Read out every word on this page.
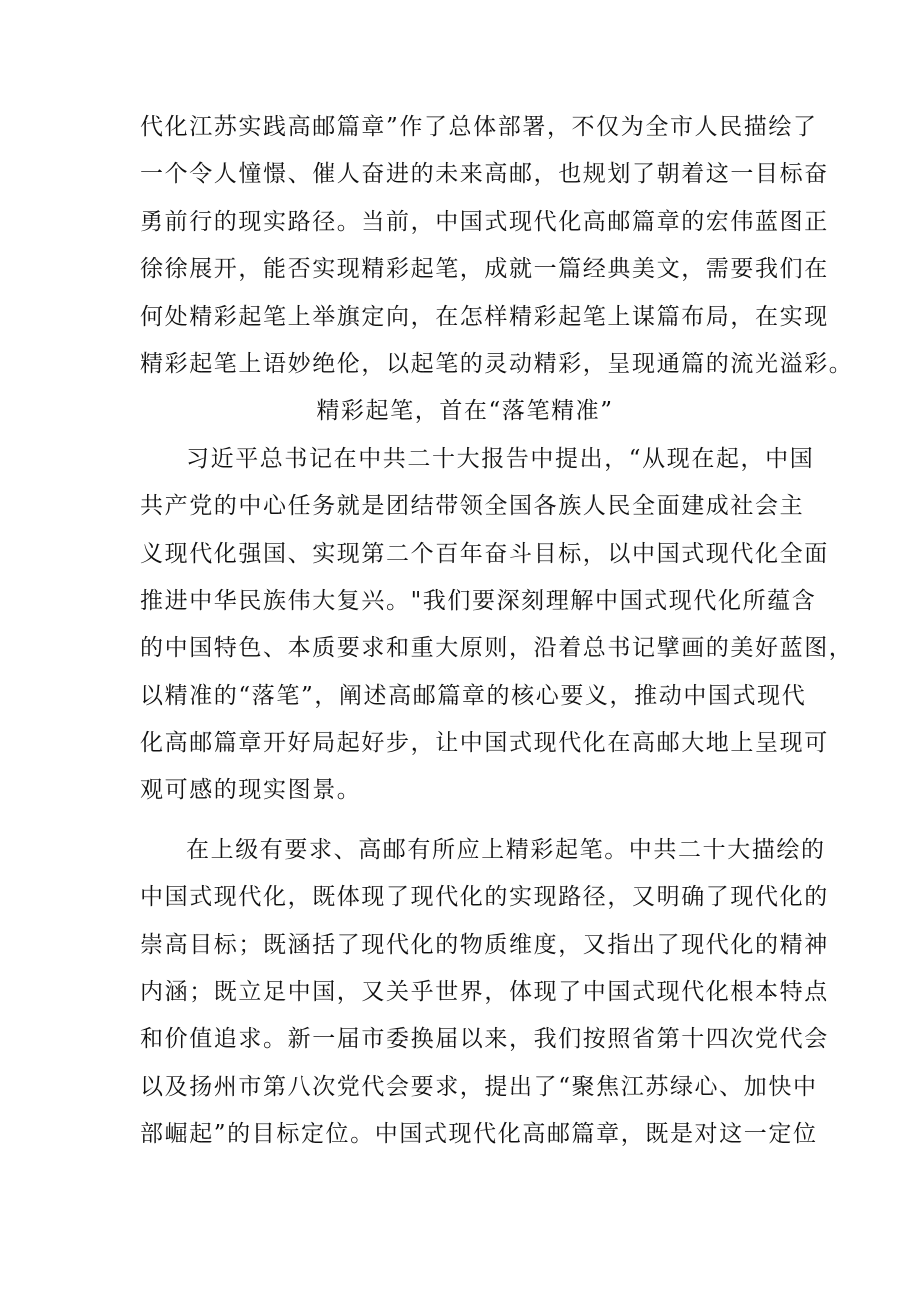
代化江苏实践高邮篇章”作了总体部署，不仅为全市人民描绘了
一个令人憧憬、催人奋进的未来高邮，也规划了朝着这一目标奋
勇前行的现实路径。当前，中国式现代化高邮篇章的宏伟蓝图正
徐徐展开，能否实现精彩起笔，成就一篇经典美文，需要我们在
何处精彩起笔上举旗定向，在怎样精彩起笔上谋篇布局，在实现
精彩起笔上语妙绝伦，以起笔的灵动精彩，呈现通篇的流光溢彩。
精彩起笔，首在“落笔精准”
习近平总书记在中共二十大报告中提出，“从现在起，中国
共产党的中心任务就是团结带领全国各族人民全面建成社会主
义现代化强国、实现第二个百年奋斗目标，以中国式现代化全面
推进中华民族伟大复兴。"我们要深刻理解中国式现代化所蕴含
的中国特色、本质要求和重大原则，沿着总书记擘画的美好蓝图，
以精准的“落笔”，阐述高邮篇章的核心要义，推动中国式现代
化高邮篇章开好局起好步，让中国式现代化在高邮大地上呈现可
观可感的现实图景。
在上级有要求、高邮有所应上精彩起笔。中共二十大描绘的
中国式现代化，既体现了现代化的实现路径，又明确了现代化的
崇高目标；既涵括了现代化的物质维度，又指出了现代化的精神
内涵；既立足中国，又关乎世界，体现了中国式现代化根本特点
和价值追求。新一届市委换届以来，我们按照省第十四次党代会
以及扬州市第八次党代会要求，提出了“聚焦江苏绿心、加快中
部崛起”的目标定位。中国式现代化高邮篇章，既是对这一定位
